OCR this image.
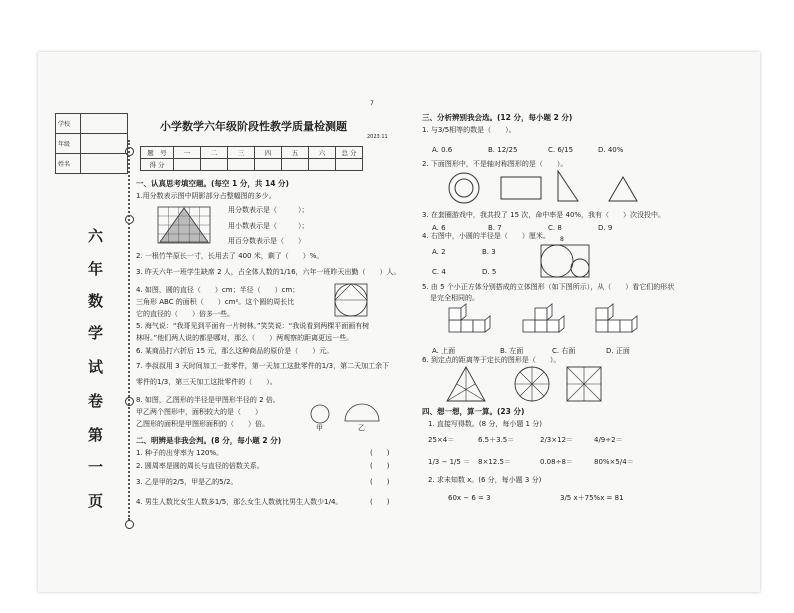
学校	
年级	
姓名	
六
年
数
学
试
卷
第
一
页
小学数学六年级阶段性教学质量检测题
2023.11
7
题　号	一	二	三	四	五	六	总 分
得 分							
一、认真思考填空题。(每空 1 分，共 14 分)
1.用分数表示图中阴影部分占整幅图的多少。
用分数表示是（　　　）；
用小数表示是（　　　）；
用百分数表示是（　　）
2. 一根竹竿原长一寸，长用去了 400 米，剩了（　　）%。
3. 昨天六年一班学生缺席 2 人，占全体人数的1/16，六年一班昨天出勤（　　）人。
4. 如图，圆的直径（　　）cm；半径（　　）cm；
三角形 ABC 的面积（　　）cm²。这个圆的周长比
它的直径的（　　）倍多一些。
5. 海气说：“我哥见到平面有一片树林。”笑笑说：“我说看到两棵平面画有树
林呀。”他们两人说的都是哪对，那么（　　）两观察的距离更远一些。
6. 某商品打六折后 15 元，那么这种商品的原价是（　　）元。
7. 李叔叔用 3 天时间加工一批零件，第一天加工这批零件的1/3，第二天加工余下
零件的1/3，第三天加工这批零件的（　　）。
8. 如图，乙图形的半径是甲图形半径的 2 倍。
甲乙两个图形中，面积较大的是（　　）
乙图形的面积是甲图形面积的（　　）倍。	甲	乙
二、明辨是非我会判。(8 分，每小题 2 分)
1. 种子的出芽率为 120%。	(　　)
2. 圆周率是圆的周长与直径的倍数关系。	(　　)
3. 乙是甲的2/5，甲是乙的5/2。	(　　)
4. 男生人数比女生人数多1/5，那么女生人数就比男生人数少1/4。	(　　)
三、分析辨别我会选。(12 分，每小题 2 分)
1. 与3/5相等的数是（　　）。
A. 0.6	B. 12/25	C. 6/15	D. 40%
2. 下面图形中，不是轴对称图形的是（　　）。
3. 在套圈游戏中，我共投了 15 次，命中率是 40%，我有（　　）次没投中。
A. 6	B. 7	C. 8	D. 9
4. 右图中，小圆的半径是（　　）厘米。
A. 2	B. 3
C. 4	D. 5
8
5. 由 5 个小正方体分别搭成的立体图形（如下图所示），从（　　）看它们的形状
是完全相同的。
A. 上面	B. 左面	C. 右面	D. 正面
6. 到定点的距离等于定长的图形是（　　）。
四、想一想，算一算。(23 分)
1. 直接写得数。(8 分，每小题 1 分)
25×4＝	6.5＋3.5＝	2/3×12＝	4/9÷2＝
1/3 − 1/5 ＝ 8×12.5＝	0.08÷8＝	80%×5/4＝
2. 求未知数 x。(6 分，每小题 3 分)
60x − 6 = 3	3/5 x＋75%x = 81
